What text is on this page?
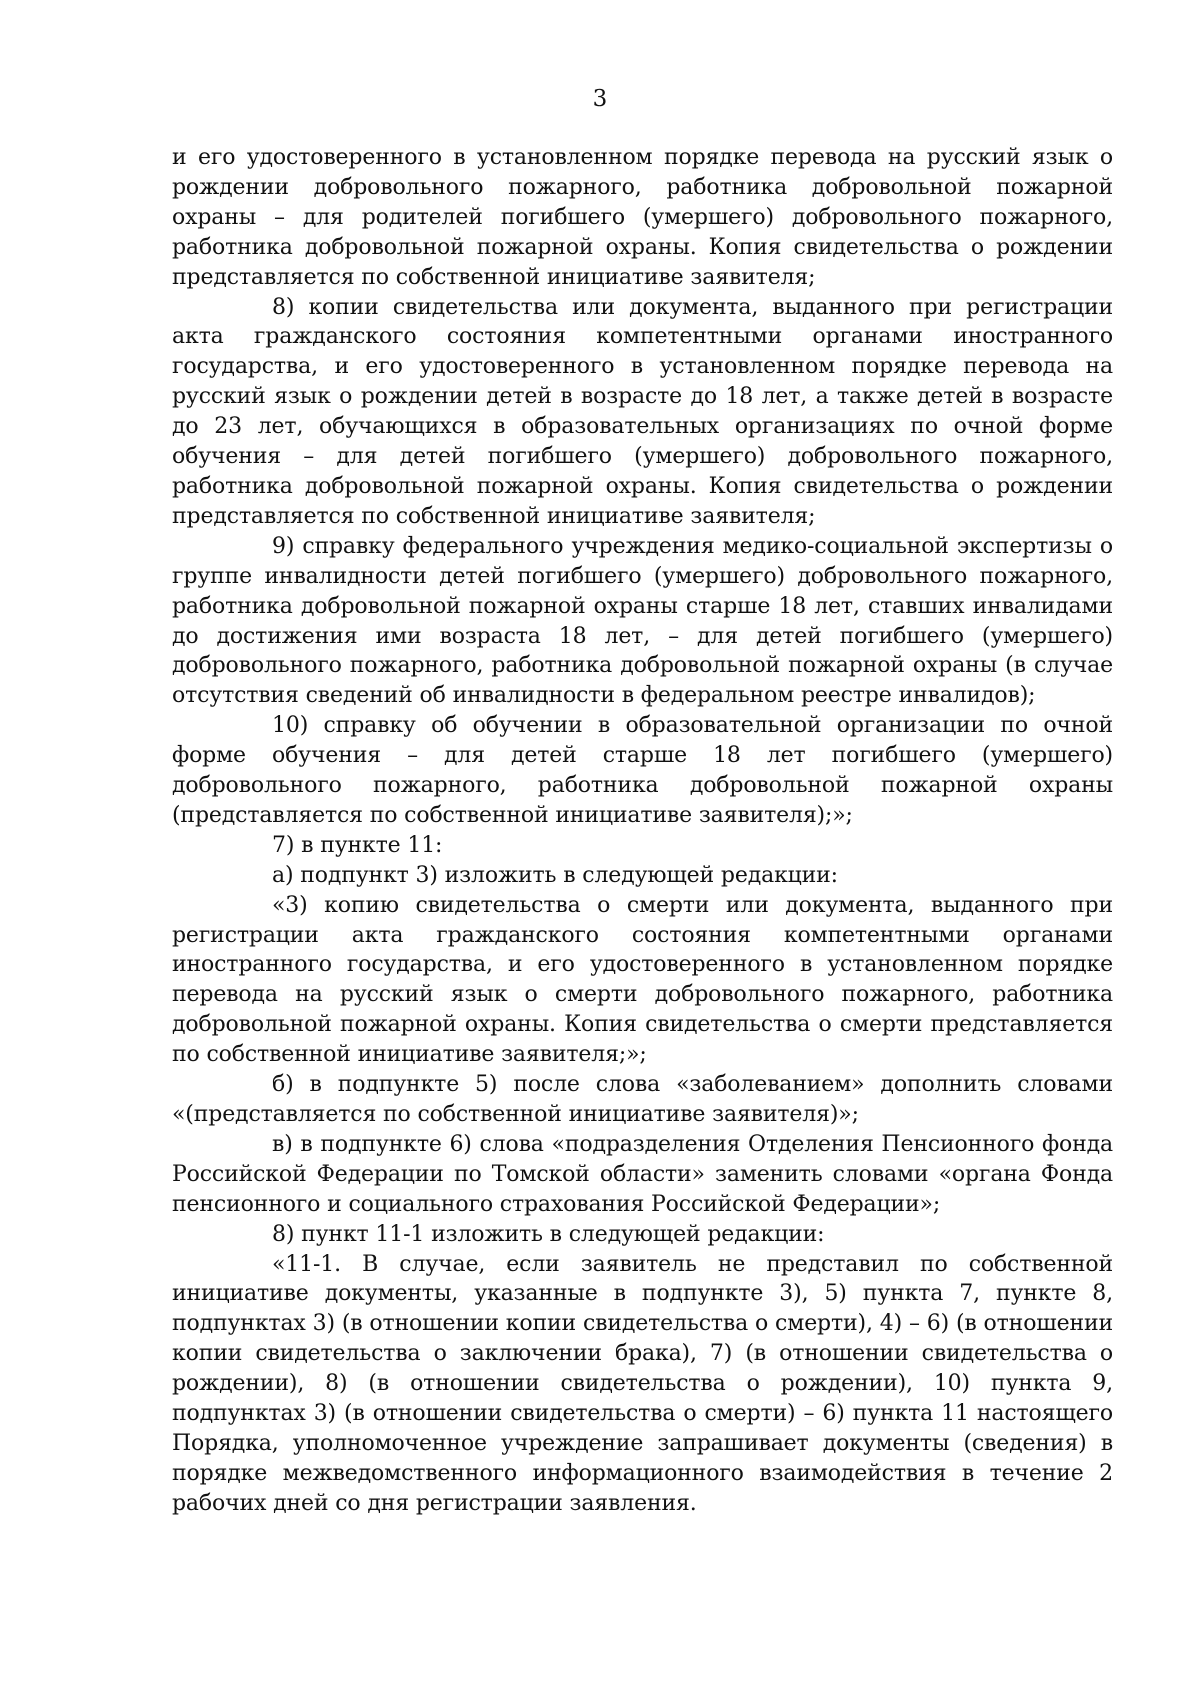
3

и его удостоверенного в установленном порядке перевода на русский язык о рождении добровольного пожарного, работника добровольной пожарной охраны – для родителей погибшего (умершего) добровольного пожарного, работника добровольной пожарной охраны. Копия свидетельства о рождении представляется по собственной инициативе заявителя;

8) копии свидетельства или документа, выданного при регистрации акта гражданского состояния компетентными органами иностранного государства, и его удостоверенного в установленном порядке перевода на русский язык о рождении детей в возрасте до 18 лет, а также детей в возрасте до 23 лет, обучающихся в образовательных организациях по очной форме обучения – для детей погибшего (умершего) добровольного пожарного, работника добровольной пожарной охраны. Копия свидетельства о рождении представляется по собственной инициативе заявителя;

9) справку федерального учреждения медико-социальной экспертизы о группе инвалидности детей погибшего (умершего) добровольного пожарного, работника добровольной пожарной охраны старше 18 лет, ставших инвалидами до достижения ими возраста 18 лет, – для детей погибшего (умершего) добровольного пожарного, работника добровольной пожарной охраны (в случае отсутствия сведений об инвалидности в федеральном реестре инвалидов);

10) справку об обучении в образовательной организации по очной форме обучения – для детей старше 18 лет погибшего (умершего) добровольного пожарного, работника добровольной пожарной охраны (представляется по собственной инициативе заявителя);»;

7) в пункте 11:

а) подпункт 3) изложить в следующей редакции:

«3) копию свидетельства о смерти или документа, выданного при регистрации акта гражданского состояния компетентными органами иностранного государства, и его удостоверенного в установленном порядке перевода на русский язык о смерти добровольного пожарного, работника добровольной пожарной охраны. Копия свидетельства о смерти представляется по собственной инициативе заявителя;»;

б) в подпункте 5) после слова «заболеванием» дополнить словами «(представляется по собственной инициативе заявителя)»;

в) в подпункте 6) слова «подразделения Отделения Пенсионного фонда Российской Федерации по Томской области» заменить словами «органа Фонда пенсионного и социального страхования Российской Федерации»;

8) пункт 11-1 изложить в следующей редакции:

«11-1. В случае, если заявитель не представил по собственной инициативе документы, указанные в подпункте 3), 5) пункта 7, пункте 8, подпунктах 3) (в отношении копии свидетельства о смерти), 4) – 6) (в отношении копии свидетельства о заключении брака), 7) (в отношении свидетельства о рождении), 8) (в отношении свидетельства о рождении), 10) пункта 9, подпунктах 3) (в отношении свидетельства о смерти) – 6) пункта 11 настоящего Порядка, уполномоченное учреждение запрашивает документы (сведения) в порядке межведомственного информационного взаимодействия в течение 2 рабочих дней со дня регистрации заявления.
